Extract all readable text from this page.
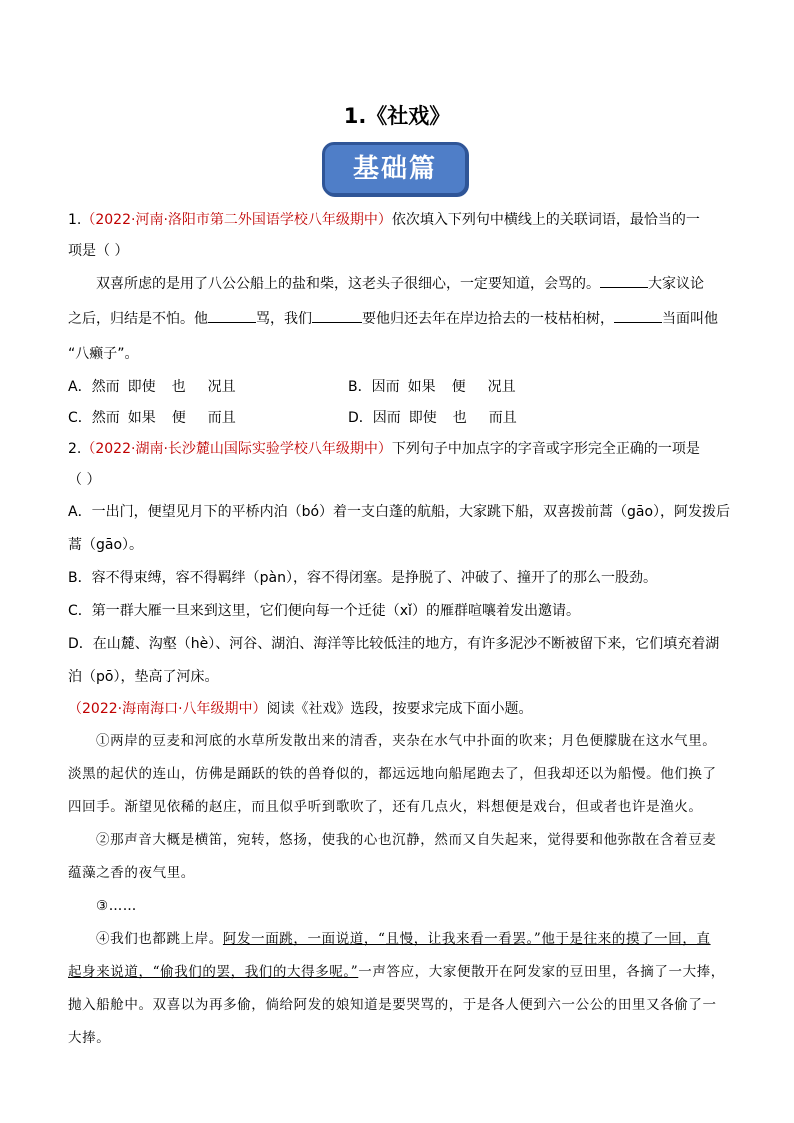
1.《社戏》
基础篇
1.（2022·河南·洛阳市第二外国语学校八年级期中）依次填入下列句中横线上的关联词语，最恰当的一
项是（ ）
双喜所虑的是用了八公公船上的盐和柴，这老头子很细心，一定要知道，会骂的。	大家议论
之后，归结是不怕。他	骂，我们	要他归还去年在岸边拾去的一枝枯桕树，	当面叫他
“八癞子”。
A．然而 即使 也 况且	B．因而 如果 便 况且
C．然而 如果 便 而且	D．因而 即使 也 而且
2.（2022·湖南·长沙麓山国际实验学校八年级期中）下列句子中加点字的字音或字形完全正确的一项是
（ ）
A．一出门，便望见月下的平桥内泊（bó）着一支白蓬的航船，大家跳下船，双喜拨前蒿（gāo），阿发拨后
蒿（gāo）。
B．容不得束缚，容不得羁绊（pàn），容不得闭塞。是挣脱了、冲破了、撞开了的那么一股劲。
C．第一群大雁一旦来到这里，它们便向每一个迁徒（xǐ）的雁群喧嚷着发出邀请。
D．在山麓、沟壑（hè）、河谷、湖泊、海洋等比较低洼的地方，有许多泥沙不断被留下来，它们填充着湖
泊（pō），垫高了河床。
（2022·海南海口·八年级期中）阅读《社戏》选段，按要求完成下面小题。
①两岸的豆麦和河底的水草所发散出来的清香，夹杂在水气中扑面的吹来；月色便朦胧在这水气里。
淡黑的起伏的连山，仿佛是踊跃的铁的兽脊似的，都远远地向船尾跑去了，但我却还以为船慢。他们换了
四回手。渐望见依稀的赵庄，而且似乎听到歌吹了，还有几点火，料想便是戏台，但或者也许是渔火。
②那声音大概是横笛，宛转，悠扬，使我的心也沉静，然而又自失起来，觉得要和他弥散在含着豆麦
蕴藻之香的夜气里。
③……
④我们也都跳上岸。阿发一面跳，一面说道，“且慢，让我来看一看罢。”他于是往来的摸了一回，直
起身来说道，“偷我们的罢，我们的大得多呢。”一声答应，大家便散开在阿发家的豆田里，各摘了一大捧，
抛入船舱中。双喜以为再多偷，倘给阿发的娘知道是要哭骂的，于是各人便到六一公公的田里又各偷了一
大捧。
